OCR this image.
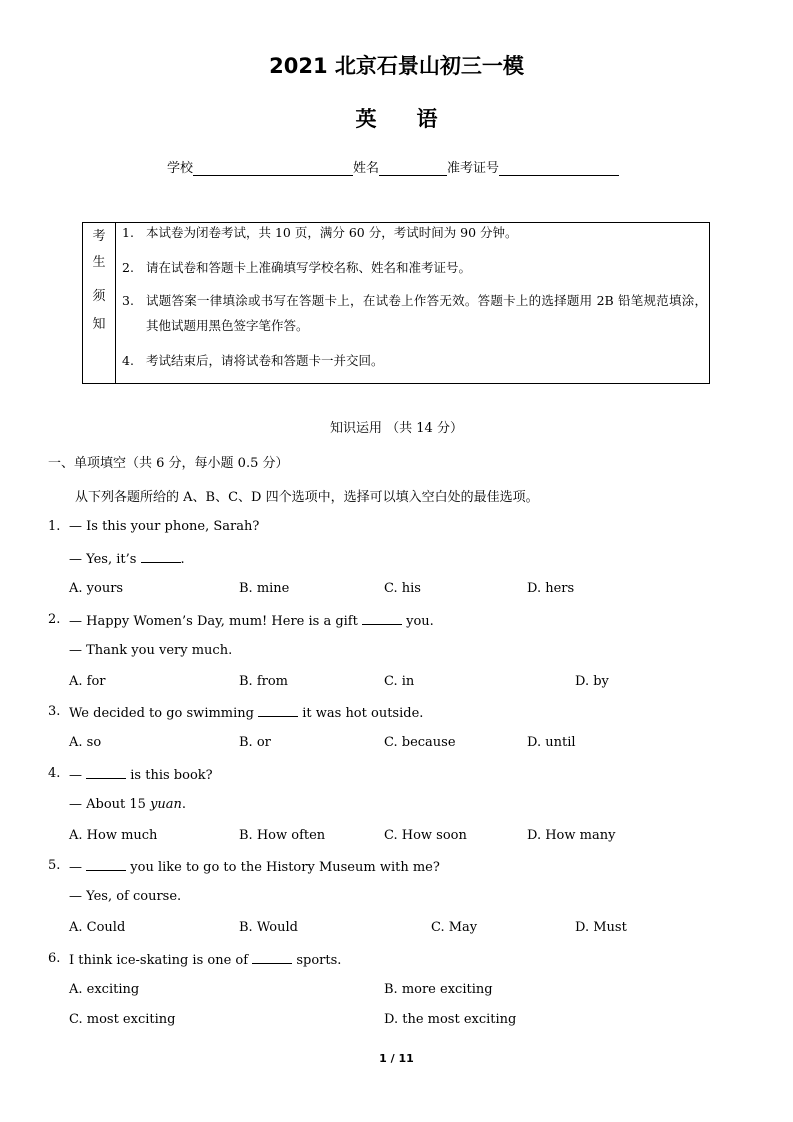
2021 北京石景山初三一模
英语
学校	姓名	准考证号
考
生
须
知
1. 本试卷为闭卷考试，共 10 页，满分 60 分，考试时间为 90 分钟。
2. 请在试卷和答题卡上准确填写学校名称、姓名和准考证号。
3. 试题答案一律填涂或书写在答题卡上，在试卷上作答无效。答题卡上的选择题用 2B 铅笔规范填涂，其他试题用黑色签字笔作答。
4. 考试结束后，请将试卷和答题卡一并交回。
知识运用 （共 14 分）
一、单项填空（共 6 分，每小题 0.5 分）
从下列各题所给的 A、B、C、D 四个选项中，选择可以填入空白处的最佳选项。
1. — Is this your phone, Sarah?
— Yes, it’s	.
A. yours	B. mine	C. his	D. hers
2. — Happy Women’s Day, mum! Here is a gift	you.
— Thank you very much.
A. for	B. from	C. in	D. by
3. We decided to go swimming	it was hot outside.
A. so	B. or	C. because	D. until
4. —	is this book?
— About 15 yuan.
A. How much	B. How often	C. How soon	D. How many
5. —	you like to go to the History Museum with me?
— Yes, of course.
A. Could	B. Would	C. May	D. Must
6. I think ice-skating is one of	sports.
A. exciting	B. more exciting
C. most exciting	D. the most exciting
1 / 11
